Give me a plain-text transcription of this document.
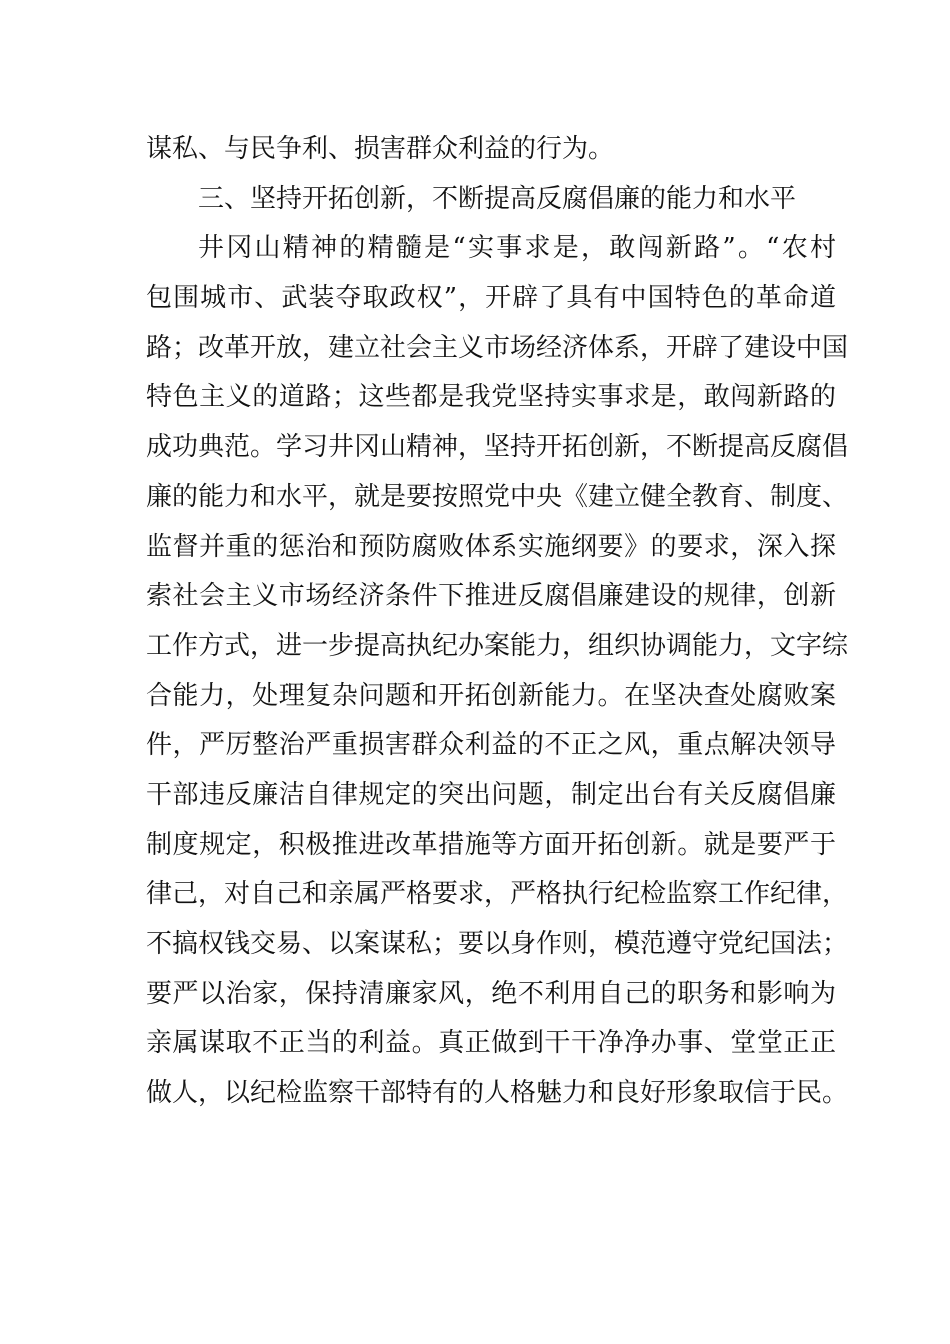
谋私、与民争利、损害群众利益的行为。
三、坚持开拓创新，不断提高反腐倡廉的能力和水平
井冈山精神的精髓是“实事求是，敢闯新路”。“农村
包围城市、武装夺取政权”，开辟了具有中国特色的革命道
路；改革开放，建立社会主义市场经济体系，开辟了建设中国
特色主义的道路；这些都是我党坚持实事求是，敢闯新路的
成功典范。学习井冈山精神，坚持开拓创新，不断提高反腐倡
廉的能力和水平，就是要按照党中央《建立健全教育、制度、
监督并重的惩治和预防腐败体系实施纲要》的要求，深入探
索社会主义市场经济条件下推进反腐倡廉建设的规律，创新
工作方式，进一步提高执纪办案能力，组织协调能力，文字综
合能力，处理复杂问题和开拓创新能力。在坚决查处腐败案
件，严厉整治严重损害群众利益的不正之风，重点解决领导
干部违反廉洁自律规定的突出问题，制定出台有关反腐倡廉
制度规定，积极推进改革措施等方面开拓创新。就是要严于
律己，对自己和亲属严格要求，严格执行纪检监察工作纪律，
不搞权钱交易、以案谋私；要以身作则，模范遵守党纪国法；
要严以治家，保持清廉家风，绝不利用自己的职务和影响为
亲属谋取不正当的利益。真正做到干干净净办事、堂堂正正
做人，以纪检监察干部特有的人格魅力和良好形象取信于民。
